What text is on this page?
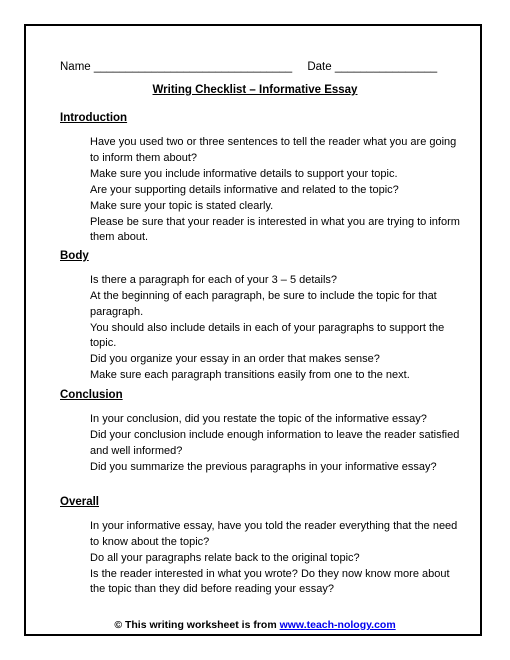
Name _______________________________ Date ________________
Writing Checklist – Informative Essay
Introduction
Have you used two or three sentences to tell the reader what you are going to inform them about?
Make sure you include informative details to support your topic.
Are your supporting details informative and related to the topic?
Make sure your topic is stated clearly.
Please be sure that your reader is interested in what you are trying to inform them about.
Body
Is there a paragraph for each of your 3 – 5 details?
At the beginning of each paragraph, be sure to include the topic for that paragraph.
You should also include details in each of your paragraphs to support the topic.
Did you organize your essay in an order that makes sense?
Make sure each paragraph transitions easily from one to the next.
Conclusion
In your conclusion, did you restate the topic of the informative essay?
Did your conclusion include enough information to leave the reader satisfied and well informed?
Did you summarize the previous paragraphs in your informative essay?
Overall
In your informative essay, have you told the reader everything that the need to know about the topic?
Do all your paragraphs relate back to the original topic?
Is the reader interested in what you wrote? Do they now know more about the topic than they did before reading your essay?
© This writing worksheet is from www.teach-nology.com
